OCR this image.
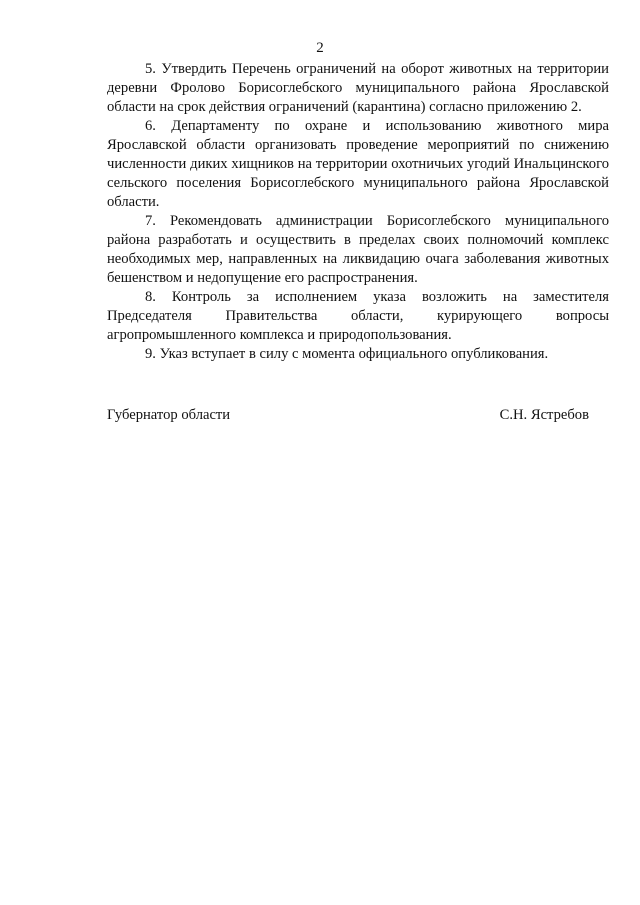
2

5. Утвердить Перечень ограничений на оборот животных на территории деревни Фролово Борисоглебского муниципального района Ярославской области на срок действия ограничений (карантина) согласно приложению 2.

6. Департаменту по охране и использованию животного мира Ярославской области организовать проведение мероприятий по снижению численности диких хищников на территории охотничьих угодий Инальцинского сельского поселения Борисоглебского муниципального района Ярославской области.

7. Рекомендовать администрации Борисоглебского муниципального района разработать и осуществить в пределах своих полномочий комплекс необходимых мер, направленных на ликвидацию очага заболевания животных бешенством и недопущение его распространения.

8. Контроль за исполнением указа возложить на заместителя Председателя Правительства области, курирующего вопросы агропромышленного комплекса и природопользования.

9. Указ вступает в силу с момента официального опубликования.

Губернатор области	С.Н. Ястребов
